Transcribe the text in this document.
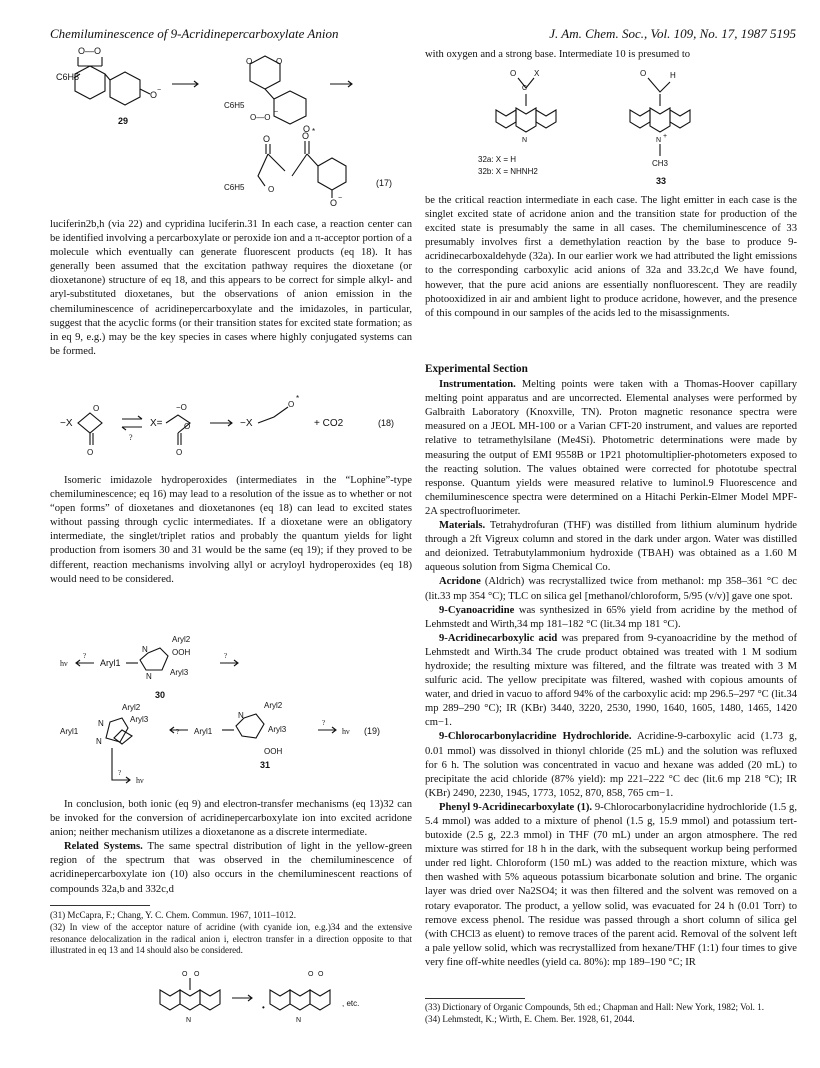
Chemiluminescence of 9-Acridinepercarboxylate Anion	J. Am. Chem. Soc., Vol. 109, No. 17, 1987 5195
O—O
C6H5
O −
29
O	O
O
C6H5
O—O
−
O	O *
O −
C6H5	O
(17)

luciferin2b,h (via 22) and cypridina luciferin.31 In each case, a reaction center can be identified involving a percarboxylate or peroxide ion and a π-acceptor portion of a molecule which eventually can generate fluorescent products (eq 18). It has generally been assumed that the excitation pathway requires the dioxetane (or dioxetanone) structure of eq 18, and this appears to be correct for simple alkyl- and aryl-substituted dioxetanes, but the observations of anion emission in the chemiluminescence of acridinepercarboxylate and the imidazoles, in particular, suggest that the acyclic forms (or their transition states for excited state formation; as in eq 9, e.g.) may be the key species in cases where highly conjugated systems can be formed.

−X
O
O
?
X=
−O
O
O
−X
O
*
+ CO2	(18)

Isomeric imidazole hydroperoxides (intermediates in the “Lophine”-type chemiluminescence; eq 16) may lead to a resolution of the issue as to whether or not “open forms” of dioxetanes and dioxetanones (eq 18) can lead to excited states without passing through cyclic intermediates. If a dioxetane were an obligatory intermediate, the singlet/triplet ratios and probably the quantum yields for light production from isomers 30 and 31 would be the same (eq 19); if they proved to be different, reaction mechanisms involving allyl or acryloyl hydroperoxides (eq 18) would need to be considered.

hν
?
Aryl1
N
N
Aryl2
OOH
Aryl3
?
30
Aryl1
N
N
Aryl2
Aryl3
? Aryl1
N
Aryl2
Aryl3
OOH
?
hν (19)
31
?
hν

In conclusion, both ionic (eq 9) and electron-transfer mechanisms (eq 13)32 can be invoked for the conversion of acridinepercarboxylate ion into excited acridone anion; neither mechanism utilizes a dioxetanone as a discrete intermediate.

Related Systems. The same spectral distribution of light in the yellow-green region of the spectrum that was observed in the chemiluminescence of acridinepercarboxylate ion (10) also occurs in the chemiluminescent reactions of compounds 32a,b and 332c,d

(31) McCapra, F.; Chang, Y. C. Chem. Commun. 1967, 1011–1012.

(32) In view of the acceptor nature of acridine (with cyanide ion, e.g.)34 and the extensive resonance delocalization in the radical anion i, electron transfer in a direction opposite to that illustrated in eq 13 and 14 should also be considered.

N
O O
N
•
O O
, etc.

with oxygen and a strong base. Intermediate 10 is presumed to

O X
C
N
32a: X = H
32b: X = NHNH2
O	H
N
+
CH3
33

be the critical reaction intermediate in each case. The light emitter in each case is the singlet excited state of acridone anion and the transition state for production of the excited state is presumably the same in all cases. The chemiluminescence of 33 presumably involves first a demethylation reaction by the base to produce 9-acridinecarboxaldehyde (32a). In our earlier work we had attributed the light emissions to the corresponding carboxylic acid anions of 32a and 33.2c,d We have found, however, that the pure acid anions are essentially nonfluorescent. They are readily photooxidized in air and ambient light to produce acridone, however, and the presence of this compound in our samples of the acids led to the misassignments.

Experimental Section

Instrumentation. Melting points were taken with a Thomas-Hoover capillary melting point apparatus and are uncorrected. Elemental analyses were performed by Galbraith Laboratory (Knoxville, TN). Proton magnetic resonance spectra were measured on a JEOL MH-100 or a Varian CFT-20 instrument, and values are reported relative to tetramethylsilane (Me4Si). Photometric determinations were made by measuring the output of EMI 9558B or 1P21 photomultiplier-photometers exposed to the reacting solution. The values obtained were corrected for phototube spectral response. Quantum yields were measured relative to luminol.9 Fluorescence and chemiluminescence spectra were determined on a Hitachi Perkin-Elmer Model MPF-2A spectrofluorimeter.

Materials. Tetrahydrofuran (THF) was distilled from lithium aluminum hydride through a 2ft Vigreux column and stored in the dark under argon. Water was distilled and deionized. Tetrabutylammonium hydroxide (TBAH) was obtained as a 1.60 M aqueous solution from Sigma Chemical Co.

Acridone (Aldrich) was recrystallized twice from methanol: mp 358–361 °C dec (lit.33 mp 354 °C); TLC on silica gel [methanol/chloroform, 5/95 (v/v)] gave one spot.

9-Cyanoacridine was synthesized in 65% yield from acridine by the method of Lehmstedt and Wirth,34 mp 181–182 °C (lit.34 mp 181 °C).

9-Acridinecarboxylic acid was prepared from 9-cyanoacridine by the method of Lehmstedt and Wirth.34 The crude product obtained was treated with 1 M sodium hydroxide; the resulting mixture was filtered, and the filtrate was treated with 3 M sulfuric acid. The yellow precipitate was filtered, washed with copious amounts of water, and dried in vacuo to afford 94% of the carboxylic acid: mp 296.5–297 °C (lit.34 mp 289–290 °C); IR (KBr) 3440, 3220, 2530, 1990, 1640, 1605, 1480, 1465, 1420 cm−1.

9-Chlorocarbonylacridine Hydrochloride. Acridine-9-carboxylic acid (1.73 g, 0.01 mmol) was dissolved in thionyl chloride (25 mL) and the solution was refluxed for 6 h. The solution was concentrated in vacuo and hexane was added (20 mL) to precipitate the acid chloride (87% yield): mp 221–222 °C dec (lit.6 mp 218 °C); IR (KBr) 2490, 2230, 1945, 1773, 1052, 870, 858, 765 cm−1.

Phenyl 9-Acridinecarboxylate (1). 9-Chlorocarbonylacridine hydrochloride (1.5 g, 5.4 mmol) was added to a mixture of phenol (1.5 g, 15.9 mmol) and potassium tert-butoxide (2.5 g, 22.3 mmol) in THF (70 mL) under an argon atmosphere. The red mixture was stirred for 18 h in the dark, with the subsequent workup being performed under red light. Chloroform (150 mL) was added to the reaction mixture, which was then washed with 5% aqueous potassium bicarbonate solution and brine. The organic layer was dried over Na2SO4; it was then filtered and the solvent was removed on a rotary evaporator. The product, a yellow solid, was evacuated for 24 h (0.01 Torr) to remove excess phenol. The residue was passed through a short column of silica gel (with CHCl3 as eluent) to remove traces of the parent acid. Removal of the solvent left a pale yellow solid, which was recrystallized from hexane/THF (1:1) four times to give very fine off-white needles (yield ca. 80%): mp 189–190 °C; IR

(33) Dictionary of Organic Compounds, 5th ed.; Chapman and Hall: New York, 1982; Vol. 1.

(34) Lehmstedt, K.; Wirth, E. Chem. Ber. 1928, 61, 2044.
